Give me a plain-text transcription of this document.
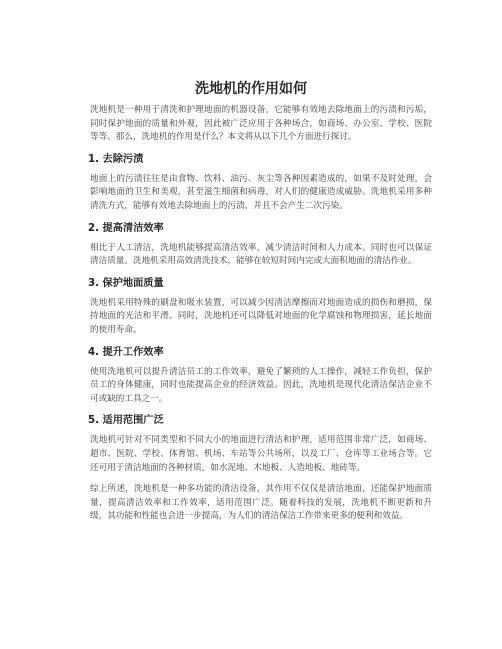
洗地机的作用如何

洗地机是一种用于清洗和护理地面的机器设备。它能够有效地去除地面上的污渍和污垢，同时保护地面的质量和外观，因此被广泛应用于各种场合，如商场、办公室、学校、医院等等。那么，洗地机的作用是什么？本文将从以下几个方面进行探讨。

1. 去除污渍

地面上的污渍往往是由食物、饮料、油污、灰尘等各种因素造成的，如果不及时处理，会影响地面的卫生和美观，甚至滋生细菌和病毒，对人们的健康造成威胁。洗地机采用多种清洗方式，能够有效地去除地面上的污渍，并且不会产生二次污染。

2. 提高清洁效率

相比于人工清洁，洗地机能够提高清洁效率，减少清洁时间和人力成本。同时也可以保证清洁质量。洗地机采用高效清洗技术，能够在较短时间内完成大面积地面的清洁作业。

3. 保护地面质量

洗地机采用特殊的刷盘和吸水装置，可以减少因清洁摩擦而对地面造成的损伤和磨损，保持地面的光洁和平滑。同时，洗地机还可以降低对地面的化学腐蚀和物理损害，延长地面的使用寿命。

4. 提升工作效率

使用洗地机可以提升清洁员工的工作效率，避免了繁琐的人工操作，减轻工作负担，保护员工的身体健康，同时也能提高企业的经济效益。因此，洗地机是现代化清洁保洁企业不可或缺的工具之一。

5. 适用范围广泛

洗地机可针对不同类型和不同大小的地面进行清洁和护理，适用范围非常广泛，如商场、超市、医院、学校、体育馆、机场、车站等公共场所，以及工厂、仓库等工业场合等。它还可用于清洁地面的各种材质，如水泥地、木地板、人造地板、地砖等。

综上所述，洗地机是一种多功能的清洁设备，其作用不仅仅是清洁地面，还能保护地面质量，提高清洁效率和工作效率，适用范围广泛。随着科技的发展，洗地机不断更新和升级，其功能和性能也会进一步提高，为人们的清洁保洁工作带来更多的便利和效益。
